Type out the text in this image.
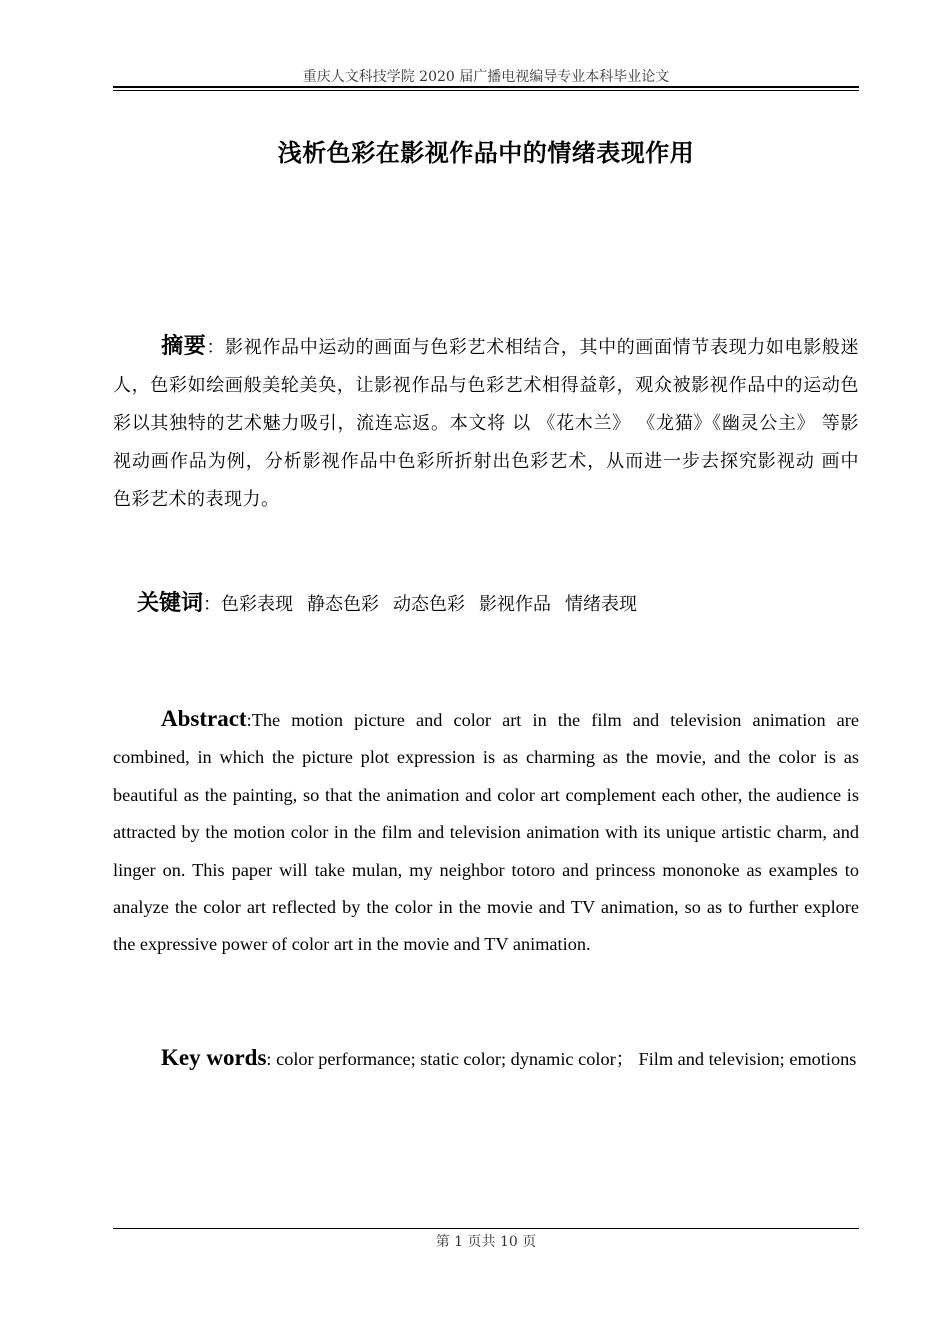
重庆人文科技学院 2020 届广播电视编导专业本科毕业论文
浅析色彩在影视作品中的情绪表现作用
摘要：影视作品中运动的画面与色彩艺术相结合，其中的画面情节表现力如电影般迷人，色彩如绘画般美轮美奂，让影视作品与色彩艺术相得益彰，观众被影视作品中的运动色彩以其独特的艺术魅力吸引，流连忘返。本文将 以 《花木兰》 《龙猫》《幽灵公主》 等影视动画作品为例，分析影视作品中色彩所折射出色彩艺术，从而进一步去探究影视动 画中色彩艺术的表现力。
关键词：色彩表现 静态色彩 动态色彩 影视作品 情绪表现

Abstract:The motion picture and color art in the film and television animation are combined, in which the picture plot expression is as charming as the movie, and the color is as beautiful as the painting, so that the animation and color art complement each other, the audience is attracted by the motion color in the film and television animation with its unique artistic charm, and linger on. This paper will take mulan, my neighbor totoro and princess mononoke as examples to analyze the color art reflected by the color in the movie and TV animation, so as to further explore the expressive power of color art in the movie and TV animation.

Key words: color performance; static color; dynamic color； Film and television; emotions
第 1 页共 10 页
